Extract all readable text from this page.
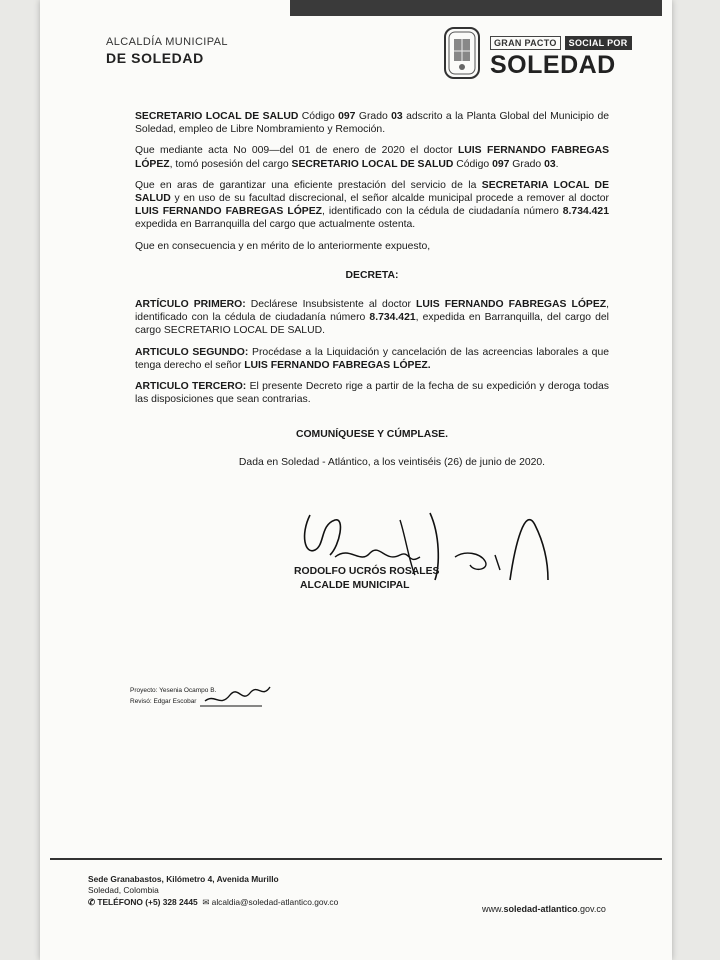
ALCALDÍA MUNICIPAL
DE SOLEDAD
GRAN PACTO	SOCIAL POR
SOLEDAD

SECRETARIO LOCAL DE SALUD Código 097 Grado 03 adscrito a la Planta Global del Municipio de Soledad, empleo de Libre Nombramiento y Remoción.

Que mediante acta No 009—del 01 de enero de 2020 el doctor LUIS FERNANDO FABREGAS LÓPEZ, tomó posesión del cargo SECRETARIO LOCAL DE SALUD Código 097 Grado 03.

Que en aras de garantizar una eficiente prestación del servicio de la SECRETARIA LOCAL DE SALUD y en uso de su facultad discrecional, el señor alcalde municipal procede a remover al doctor LUIS FERNANDO FABREGAS LÓPEZ, identificado con la cédula de ciudadanía número 8.734.421 expedida en Barranquilla del cargo que actualmente ostenta.

Que en consecuencia y en mérito de lo anteriormente expuesto,

DECRETA:

ARTÍCULO PRIMERO: Declárese Insubsistente al doctor LUIS FERNANDO FABREGAS LÓPEZ, identificado con la cédula de ciudadanía número 8.734.421, expedida en Barranquilla, del cargo del cargo SECRETARIO LOCAL DE SALUD.

ARTICULO SEGUNDO: Procédase a la Liquidación y cancelación de las acreencias laborales a que tenga derecho el señor LUIS FERNANDO FABREGAS LÓPEZ.

ARTICULO TERCERO: El presente Decreto rige a partir de la fecha de su expedición y deroga todas las disposiciones que sean contrarias.

COMUNÍQUESE Y CÚMPLASE.

Dada en Soledad - Atlántico, a los veintiséis (26) de junio de 2020.

RODOLFO UCRÓS ROSALES
ALCALDE MUNICIPAL
Proyecto: Yesenia Ocampo B.
Revisó: Edgar Escobar
Sede Granabastos, Kilómetro 4, Avenida Murillo
Soledad, Colombia
✆ TELÉFONO (+5) 328 2445 ✉ alcaldia@soledad-atlantico.gov.co
www.soledad-atlantico.gov.co
